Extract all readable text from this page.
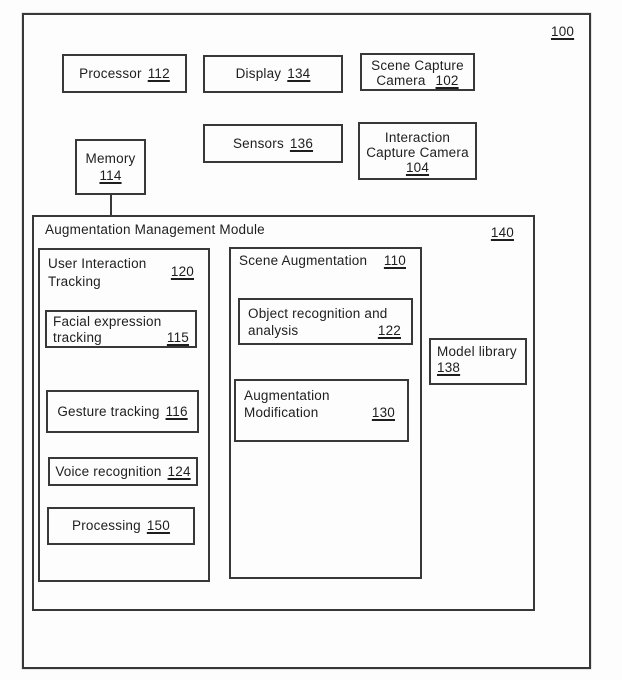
100
Processor 112	Display 134
Scene Capture
Camera 102
Sensors 136	Interaction
Capture Camera
104
Memory
114
Augmentation Management Module	140
User Interaction
120
Tracking
Facial expression
tracking	115
Gesture tracking 116
Voice recognition 124
Processing 150
Scene Augmentation 110
Object recognition and
analysis	122
Augmentation
Modification	130
Model library
138
